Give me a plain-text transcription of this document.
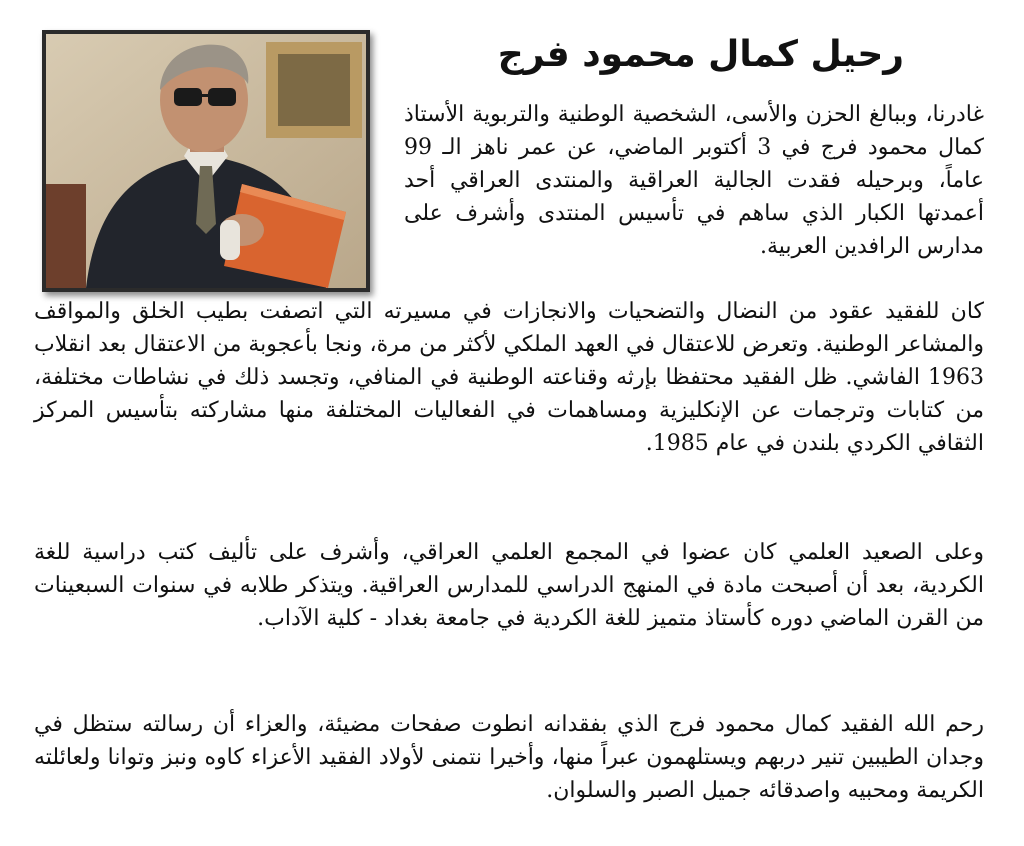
رحيل كمال محمود فرج

غادرنا، وببالغ الحزن والأسى، الشخصية الوطنية والتربوية الأستاذ كمال محمود فرج في 3 أكتوبر الماضي، عن عمر ناهز الـ 99 عاماً، وبرحيله فقدت الجالية العراقية والمنتدى العراقي أحد أعمدتها الكبار الذي ساهم في تأسيس المنتدى وأشرف على مدارس الرافدين العربية.

كان للفقيد عقود من النضال والتضحيات والانجازات في مسيرته التي اتصفت بطيب الخلق والمواقف والمشاعر الوطنية. وتعرض للاعتقال في العهد الملكي لأكثر من مرة، ونجا بأعجوبة من الاعتقال بعد انقلاب 1963 الفاشي. ظل الفقيد محتفظا بإرثه وقناعته الوطنية في المنافي، وتجسد ذلك في نشاطات مختلفة، من كتابات وترجمات عن الإنكليزية ومساهمات في الفعاليات المختلفة منها مشاركته بتأسيس المركز الثقافي الكردي بلندن في عام 1985.

وعلى الصعيد العلمي كان عضوا في المجمع العلمي العراقي، وأشرف على تأليف كتب دراسية للغة الكردية، بعد أن أصبحت مادة في المنهج الدراسي للمدارس العراقية. ويتذكر طلابه في سنوات السبعينات من القرن الماضي دوره كأستاذ متميز للغة الكردية في جامعة بغداد - كلية الآداب.

رحم الله الفقيد كمال محمود فرج الذي بفقدانه انطوت صفحات مضيئة، والعزاء أن رسالته ستظل في وجدان الطيبين تنير دربهم ويستلهمون عبراً منها، وأخيرا نتمنى لأولاد الفقيد الأعزاء كاوه ونبز وتوانا ولعائلته الكريمة ومحبيه واصدقائه جميل الصبر والسلوان.
